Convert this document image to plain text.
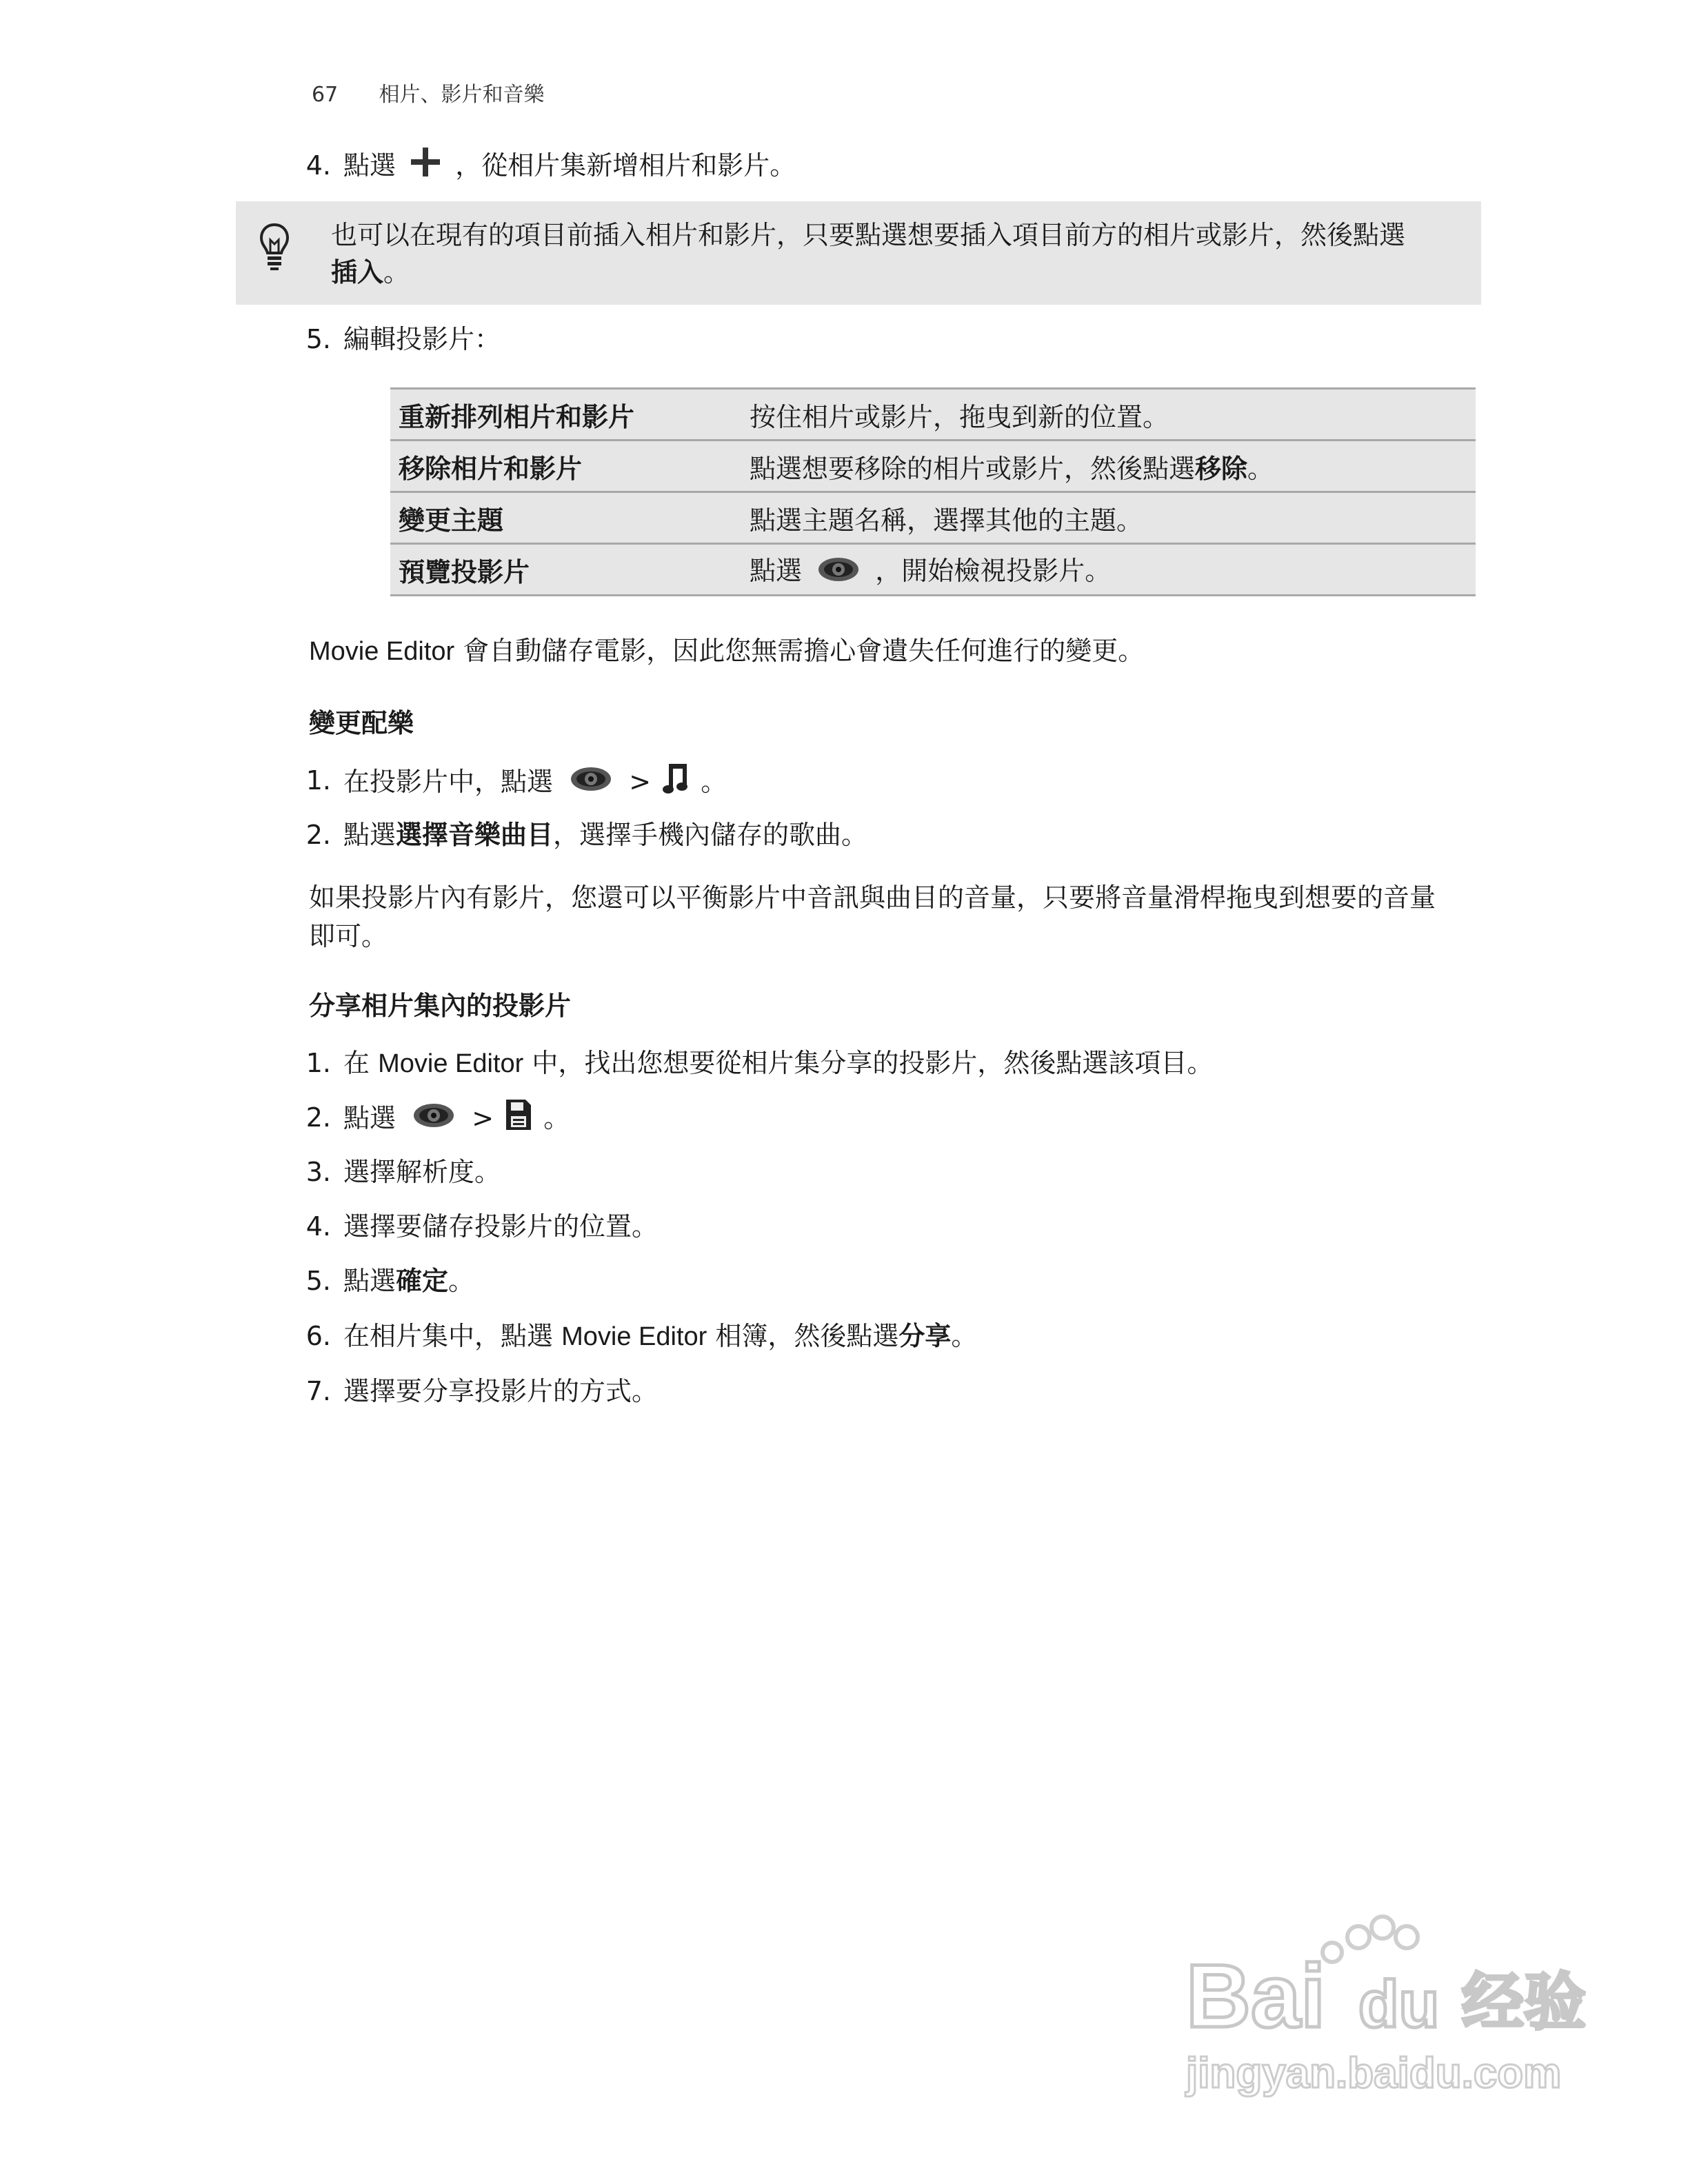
67 相片、影片和音樂
4. 點選 ，從相片集新增相片和影片。
也可以在現有的項目前插入相片和影片，只要點選想要插入項目前方的相片或影片，然後點選
插入。
5. 編輯投影片：
重新排列相片和影片	按住相片或影片，拖曳到新的位置。
移除相片和影片	點選想要移除的相片或影片，然後點選移除。
變更主題	點選主題名稱，選擇其他的主題。
預覽投影片	點選 ，開始檢視投影片。
Movie Editor 會自動儲存電影，因此您無需擔心會遺失任何進行的變更。
變更配樂
1. 在投影片中，點選	> 。
2. 點選選擇音樂曲目，選擇手機內儲存的歌曲。
如果投影片內有影片，您還可以平衡影片中音訊與曲目的音量，只要將音量滑桿拖曳到想要的音量
即可。
分享相片集內的投影片
1. 在 Movie Editor 中，找出您想要從相片集分享的投影片，然後點選該項目。
2. 點選	> 。
3. 選擇解析度。
4. 選擇要儲存投影片的位置。
5. 點選確定。
6. 在相片集中，點選 Movie Editor 相簿，然後點選分享。
7. 選擇要分享投影片的方式。
Bai du 经验
jingyan.baidu.com
